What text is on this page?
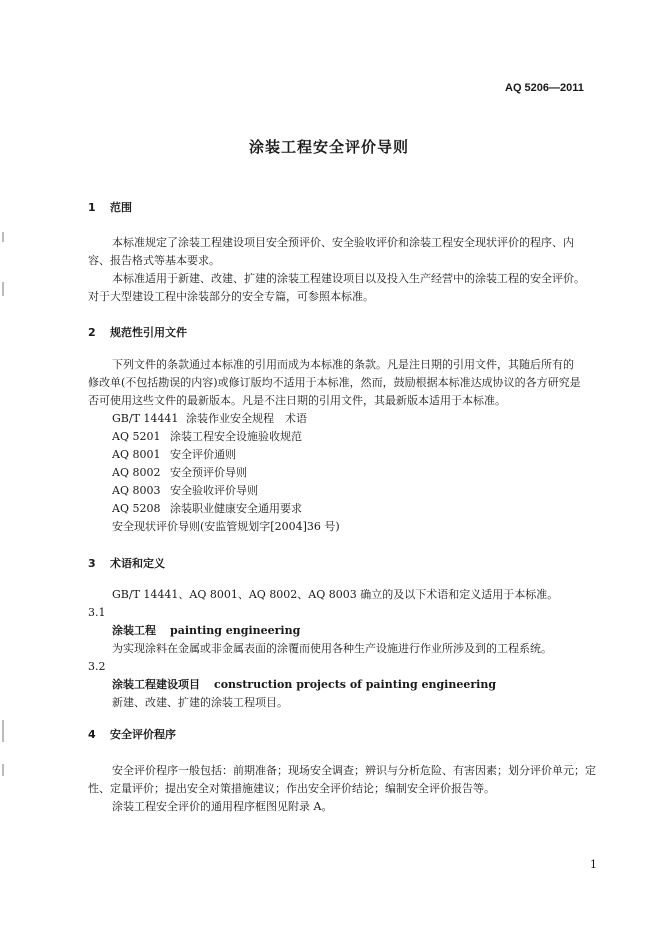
AQ 5206—2011
涂装工程安全评价导则
1 范围
本标准规定了涂装工程建设项目安全预评价、安全验收评价和涂装工程安全现状评价的程序、内
容、报告格式等基本要求。
本标准适用于新建、改建、扩建的涂装工程建设项目以及投入生产经营中的涂装工程的安全评价。
对于大型建设工程中涂装部分的安全专篇，可参照本标准。
2 规范性引用文件
下列文件的条款通过本标准的引用而成为本标准的条款。凡是注日期的引用文件，其随后所有的
修改单(不包括勘误的内容)或修订版均不适用于本标准，然而，鼓励根据本标准达成协议的各方研究是
否可使用这些文件的最新版本。凡是不注日期的引用文件，其最新版本适用于本标准。
GB/T 14441 涂装作业安全规程　术语
AQ 5201 涂装工程安全设施验收规范
AQ 8001 安全评价通则
AQ 8002 安全预评价导则
AQ 8003 安全验收评价导则
AQ 5208 涂装职业健康安全通用要求
安全现状评价导则(安监管规划字[2004]36 号)
3 术语和定义
GB/T 14441、AQ 8001、AQ 8002、AQ 8003 确立的及以下术语和定义适用于本标准。
3.1
涂装工程 painting engineering
为实现涂料在金属或非金属表面的涂覆而使用各种生产设施进行作业所涉及到的工程系统。
3.2
涂装工程建设项目 construction projects of painting engineering
新建、改建、扩建的涂装工程项目。
4 安全评价程序
安全评价程序一般包括：前期准备；现场安全调查；辨识与分析危险、有害因素；划分评价单元；定
性、定量评价；提出安全对策措施建议；作出安全评价结论；编制安全评价报告等。
涂装工程安全评价的通用程序框图见附录 A。
1
